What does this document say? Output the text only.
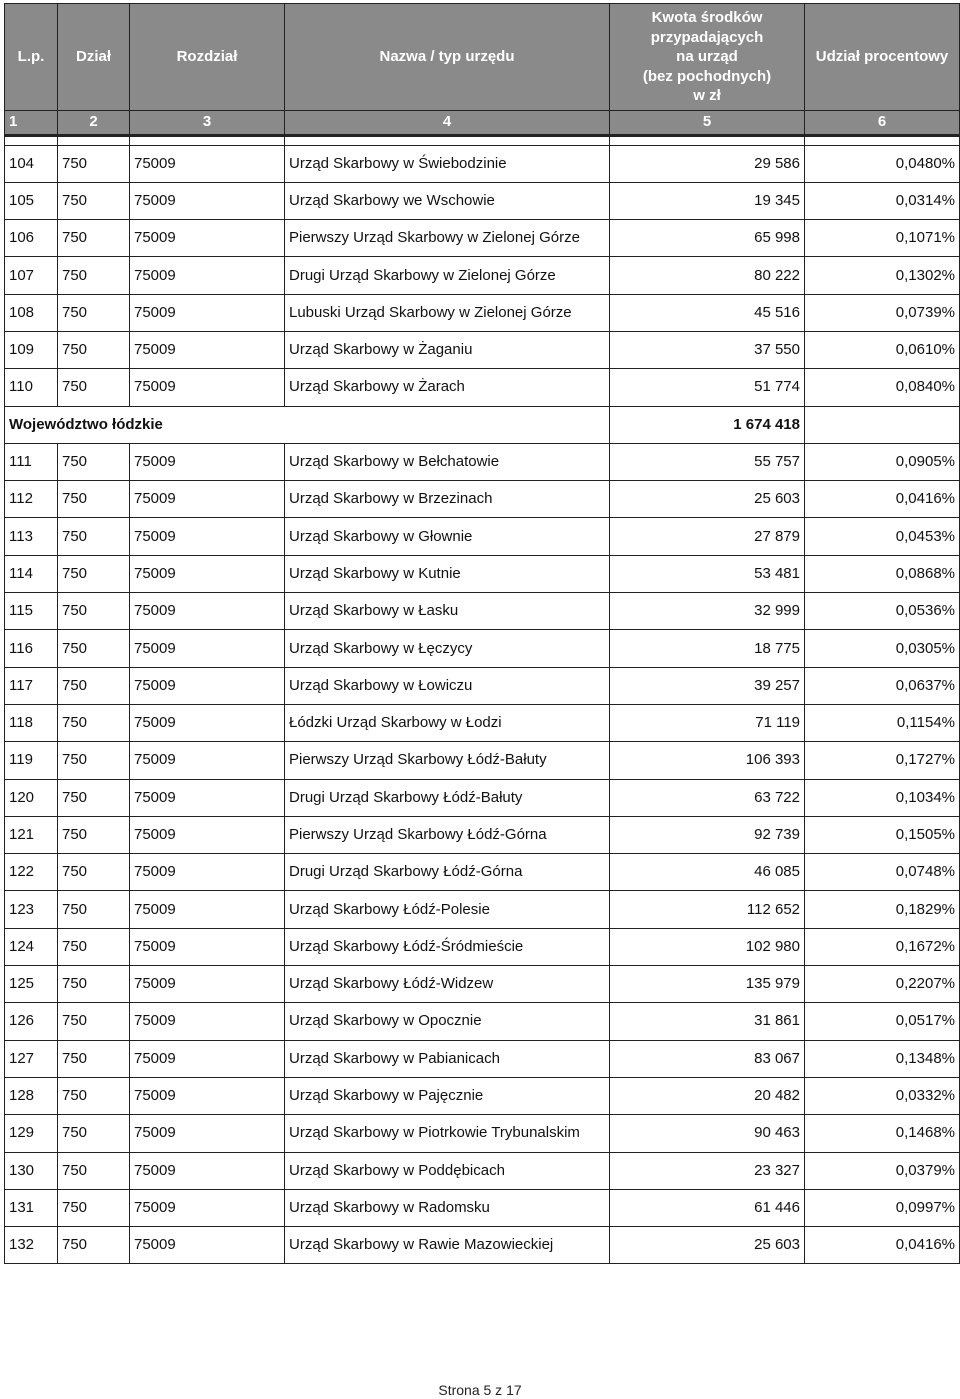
L.p.	Dział	Rozdział	Nazwa / typ urzędu	Kwota środków
przypadających
na urząd
(bez pochodnych)
w zł	Udział procentowy
1	2	3	4	5	6

104	750	75009	Urząd Skarbowy w Świebodzinie	29 586	0,0480%
105	750	75009	Urząd Skarbowy we Wschowie	19 345	0,0314%
106	750	75009	Pierwszy Urząd Skarbowy w Zielonej Górze	65 998	0,1071%
107	750	75009	Drugi Urząd Skarbowy w Zielonej Górze	80 222	0,1302%
108	750	75009	Lubuski Urząd Skarbowy w Zielonej Górze	45 516	0,0739%
109	750	75009	Urząd Skarbowy w Żaganiu	37 550	0,0610%
110	750	75009	Urząd Skarbowy w Żarach	51 774	0,0840%
Województwo łódzkie				1 674 418	
111	750	75009	Urząd Skarbowy w Bełchatowie	55 757	0,0905%
112	750	75009	Urząd Skarbowy w Brzezinach	25 603	0,0416%
113	750	75009	Urząd Skarbowy w Głownie	27 879	0,0453%
114	750	75009	Urząd Skarbowy w Kutnie	53 481	0,0868%
115	750	75009	Urząd Skarbowy w Łasku	32 999	0,0536%
116	750	75009	Urząd Skarbowy w Łęczycy	18 775	0,0305%
117	750	75009	Urząd Skarbowy w Łowiczu	39 257	0,0637%
118	750	75009	Łódzki Urząd Skarbowy w Łodzi	71 119	0,1154%
119	750	75009	Pierwszy Urząd Skarbowy Łódź-Bałuty	106 393	0,1727%
120	750	75009	Drugi Urząd Skarbowy Łódź-Bałuty	63 722	0,1034%
121	750	75009	Pierwszy Urząd Skarbowy Łódź-Górna	92 739	0,1505%
122	750	75009	Drugi Urząd Skarbowy Łódź-Górna	46 085	0,0748%
123	750	75009	Urząd Skarbowy Łódź-Polesie	112 652	0,1829%
124	750	75009	Urząd Skarbowy Łódź-Śródmieście	102 980	0,1672%
125	750	75009	Urząd Skarbowy Łódź-Widzew	135 979	0,2207%
126	750	75009	Urząd Skarbowy w Opocznie	31 861	0,0517%
127	750	75009	Urząd Skarbowy w Pabianicach	83 067	0,1348%
128	750	75009	Urząd Skarbowy w Pajęcznie	20 482	0,0332%
129	750	75009	Urząd Skarbowy w Piotrkowie Trybunalskim	90 463	0,1468%
130	750	75009	Urząd Skarbowy w Poddębicach	23 327	0,0379%
131	750	75009	Urząd Skarbowy w Radomsku	61 446	0,0997%
132	750	75009	Urząd Skarbowy w Rawie Mazowieckiej	25 603	0,0416%
Strona 5 z 17
